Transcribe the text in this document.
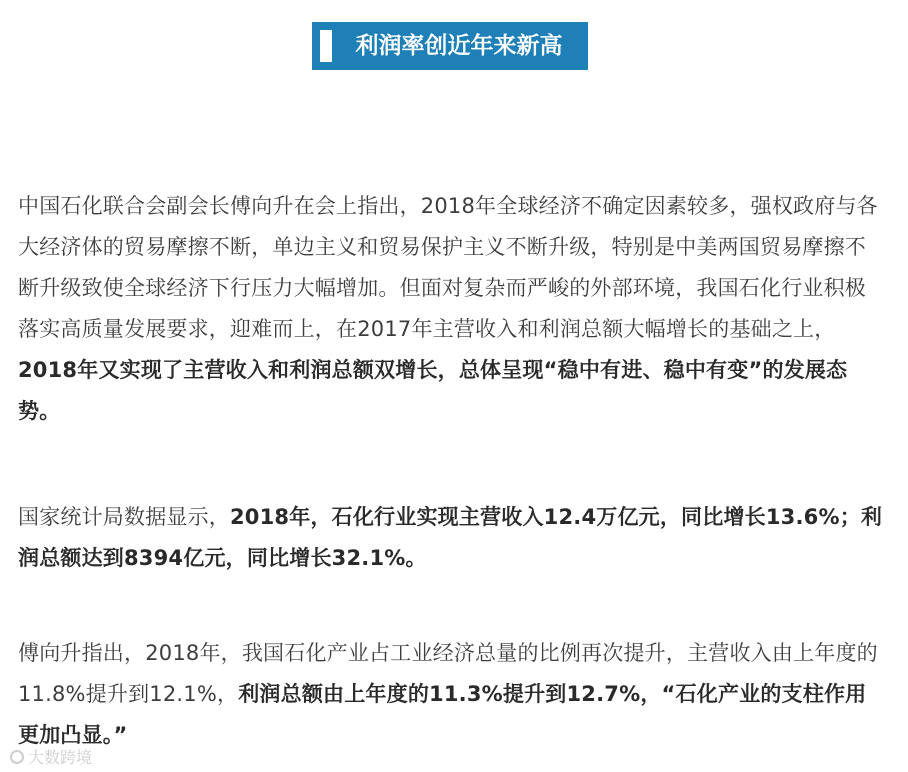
利润率创近年来新高

中国石化联合会副会长傅向升在会上指出，2018年全球经济不确定因素较多，强权政府与各大经济体的贸易摩擦不断，单边主义和贸易保护主义不断升级，特别是中美两国贸易摩擦不断升级致使全球经济下行压力大幅增加。但面对复杂而严峻的外部环境，我国石化行业积极落实高质量发展要求，迎难而上，在2017年主营收入和利润总额大幅增长的基础之上，2018年又实现了主营收入和利润总额双增长，总体呈现“稳中有进、稳中有变”的发展态势。

国家统计局数据显示，2018年，石化行业实现主营收入12.4万亿元，同比增长13.6%；利润总额达到8394亿元，同比增长32.1%。

傅向升指出，2018年，我国石化产业占工业经济总量的比例再次提升，主营收入由上年度的11.8%提升到12.1%，利润总额由上年度的11.3%提升到12.7%，“石化产业的支柱作用更加凸显。”

大数跨境
